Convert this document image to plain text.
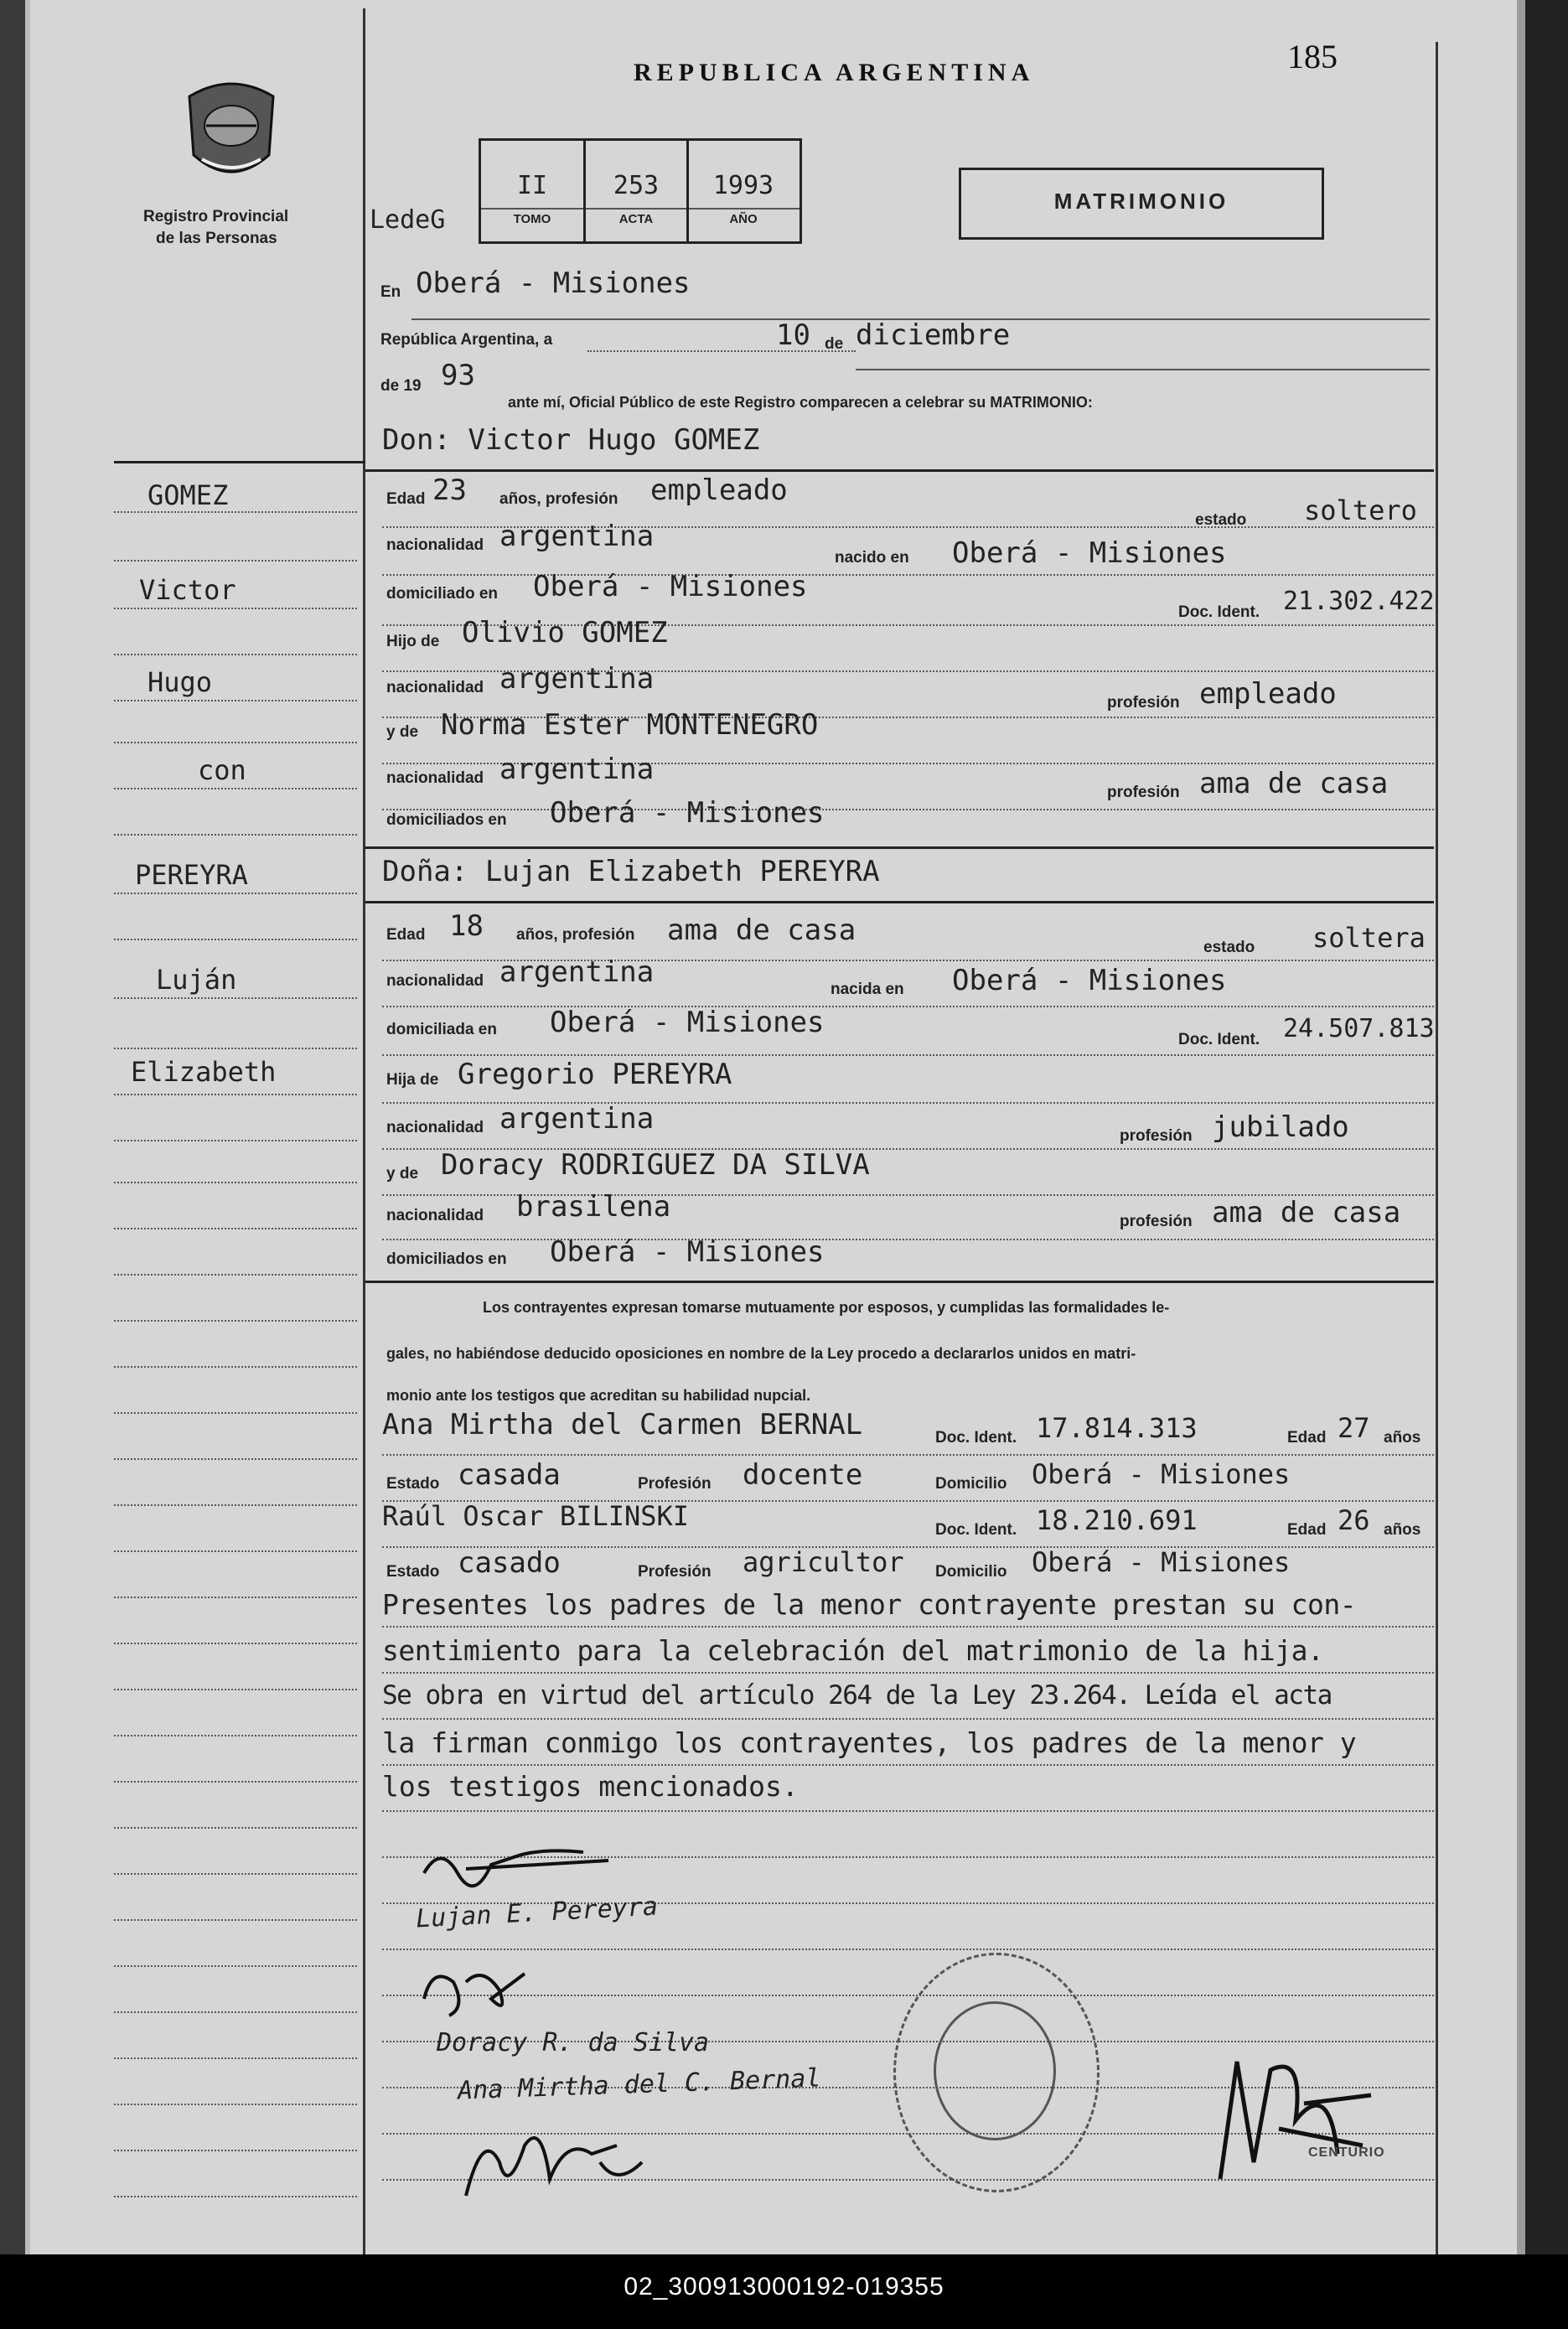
185
REPUBLICA ARGENTINA
Registro Provincial
de las Personas
LedeG
II
TOMO
253
ACTA
1993
AÑO
MATRIMONIO
En Oberá - Misiones
República Argentina, a	10 de diciembre
de 19 93
ante mí, Oficial Público de este Registro comparecen a celebrar su MATRIMONIO:
GOMEZ
Victor
Hugo
con
PEREYRA
Luján
Elizabeth
Don: Victor Hugo GOMEZ
Edad 23 años, profesión empleado
estado soltero
nacionalidad argentina
nacido en Oberá - Misiones
domiciliado en Oberá - Misiones
Doc. Ident. 21.302.422
Hijo de Olivio GOMEZ
nacionalidad argentina
profesión empleado
y de Norma Ester MONTENEGRO
nacionalidad argentina
profesión ama de casa
domiciliados en Oberá - Misiones
Doña: Lujan Elizabeth PEREYRA
Edad 18 años, profesión ama de casa
estado soltera
nacionalidad argentina
nacida en Oberá - Misiones
domiciliada en Oberá - Misiones
Doc. Ident. 24.507.813
Hija de Gregorio PEREYRA
nacionalidad argentina
profesión jubilado
y de Doracy RODRIGUEZ DA SILVA
nacionalidad brasilena	profesión ama de casa
domiciliados en Oberá - Misiones
Los contrayentes expresan tomarse mutuamente por esposos, y cumplidas las formalidades le-
gales, no habiéndose deducido oposiciones en nombre de la Ley procedo a declararlos unidos en matri-
monio ante los testigos que acreditan su habilidad nupcial.
Ana Mirtha del Carmen BERNAL	Doc. Ident. 17.814.313	Edad 27 años
Estado casada	Profesión docente	Domicilio Oberá - Misiones
Raúl Oscar BILINSKI	Doc. Ident. 18.210.691	Edad 26 años
Estado casado	Profesión agricultor Domicilio Oberá - Misiones
Presentes los padres de la menor contrayente prestan su con-
sentimiento para la celebración del matrimonio de la hija.
Se obra en virtud del artículo 264 de la Ley 23.264. Leída el acta
la firman conmigo los contrayentes, los padres de la menor y
los testigos mencionados.
Lujan E. Pereyra
Doracy R. da Silva
Ana Mirtha del C. Bernal
CENTURIO
02_300913000192-019355
